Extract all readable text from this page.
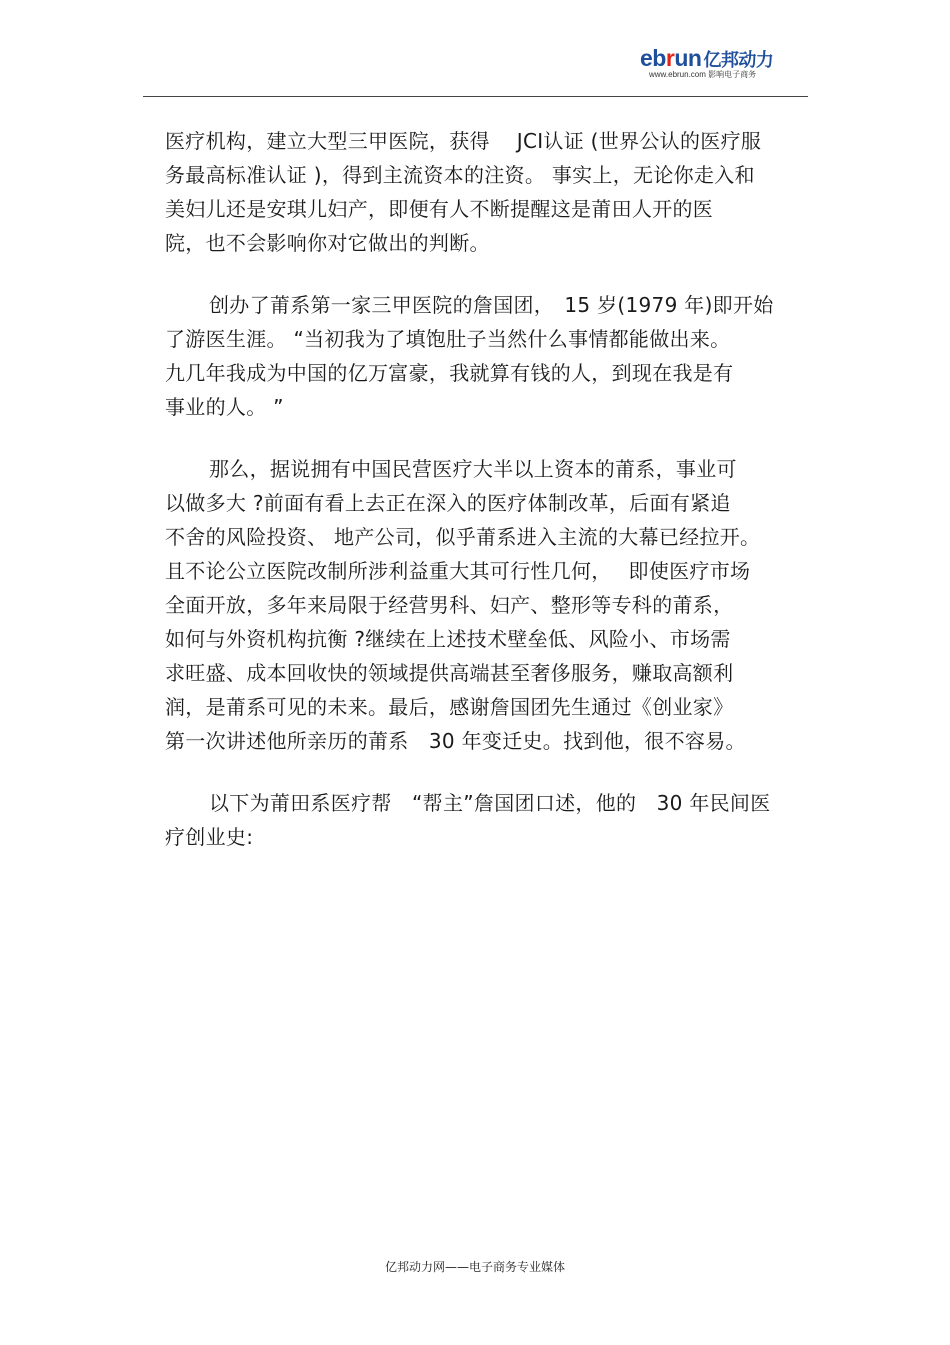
ebrun 亿邦动力
www.ebrun.com 影响电子商务
医疗机构，建立大型三甲医院，获得　 JCI认证 (世界公认的医疗服
务最高标准认证 )，得到主流资本的注资。 事实上，无论你走入和
美妇儿还是安琪儿妇产，即便有人不断提醒这是莆田人开的医
院，也不会影响你对它做出的判断。
创办了莆系第一家三甲医院的詹国团，　15 岁(1979 年)即开始
了游医生涯。 “当初我为了填饱肚子当然什么事情都能做出来。
九几年我成为中国的亿万富豪，我就算有钱的人，到现在我是有
事业的人。 ”
那么，据说拥有中国民营医疗大半以上资本的莆系，事业可
以做多大 ?前面有看上去正在深入的医疗体制改革，后面有紧追
不舍的风险投资、 地产公司，似乎莆系进入主流的大幕已经拉开。
且不论公立医院改制所涉利益重大其可行性几何，　 即使医疗市场
全面开放，多年来局限于经营男科、妇产、整形等专科的莆系，
如何与外资机构抗衡 ?继续在上述技术壁垒低、风险小、市场需
求旺盛、成本回收快的领域提供高端甚至奢侈服务，赚取高额利
润，是莆系可见的未来。最后，感谢詹国团先生通过《创业家》
第一次讲述他所亲历的莆系　30 年变迁史。找到他，很不容易。
以下为莆田系医疗帮　“帮主”詹国团口述，他的　30 年民间医
疗创业史:
亿邦动力网——电子商务专业媒体
